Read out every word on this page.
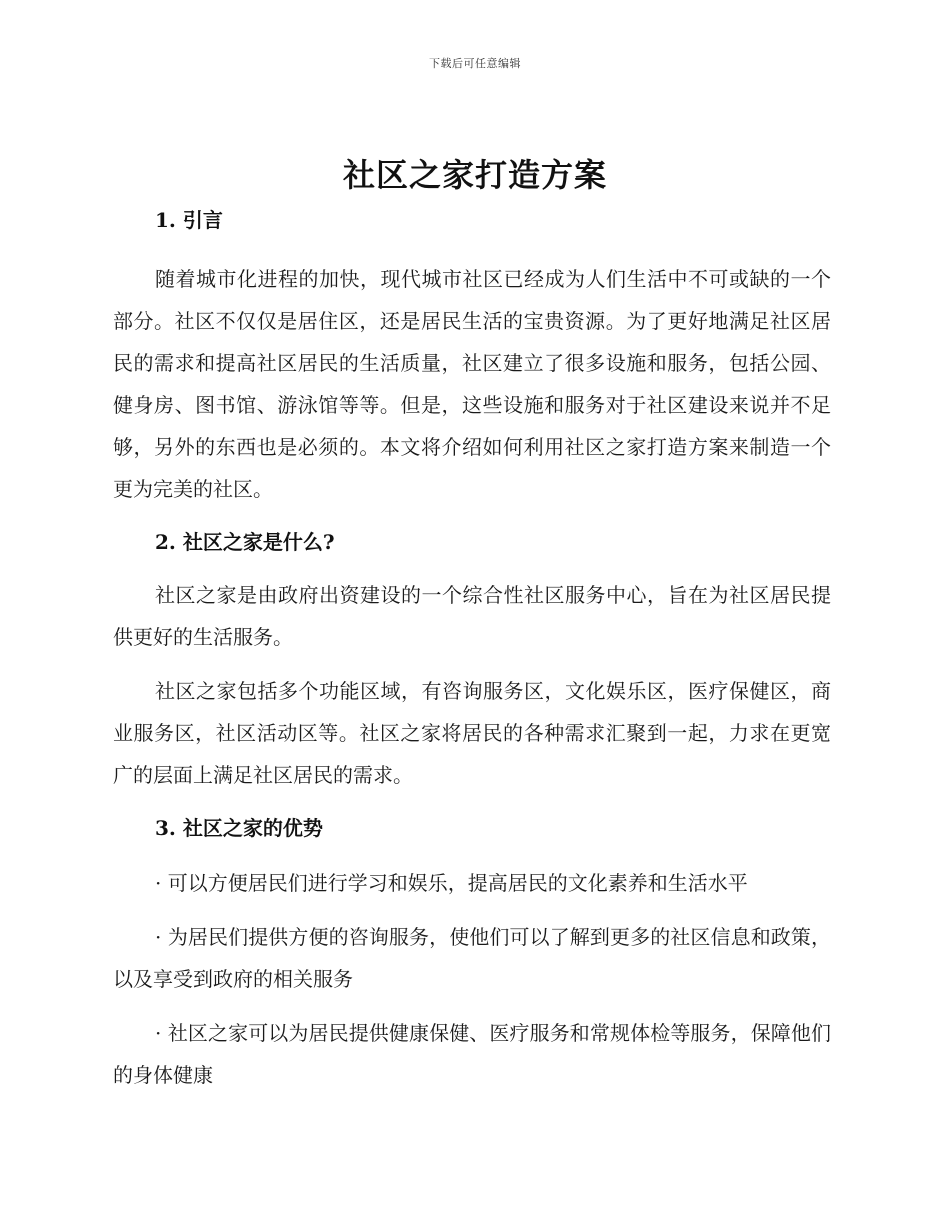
下载后可任意编辑
社区之家打造方案

1. 引言

随着城市化进程的加快，现代城市社区已经成为人们生活中不可或缺的一个部分。社区不仅仅是居住区，还是居民生活的宝贵资源。为了更好地满足社区居民的需求和提高社区居民的生活质量，社区建立了很多设施和服务，包括公园、健身房、图书馆、游泳馆等等。但是，这些设施和服务对于社区建设来说并不足够，另外的东西也是必须的。本文将介绍如何利用社区之家打造方案来制造一个更为完美的社区。

2. 社区之家是什么?

社区之家是由政府出资建设的一个综合性社区服务中心，旨在为社区居民提供更好的生活服务。

社区之家包括多个功能区域，有咨询服务区，文化娱乐区，医疗保健区，商业服务区，社区活动区等。社区之家将居民的各种需求汇聚到一起，力求在更宽广的层面上满足社区居民的需求。

3. 社区之家的优势

· 可以方便居民们进行学习和娱乐，提高居民的文化素养和生活水平

· 为居民们提供方便的咨询服务，使他们可以了解到更多的社区信息和政策，以及享受到政府的相关服务

· 社区之家可以为居民提供健康保健、医疗服务和常规体检等服务，保障他们的身体健康
